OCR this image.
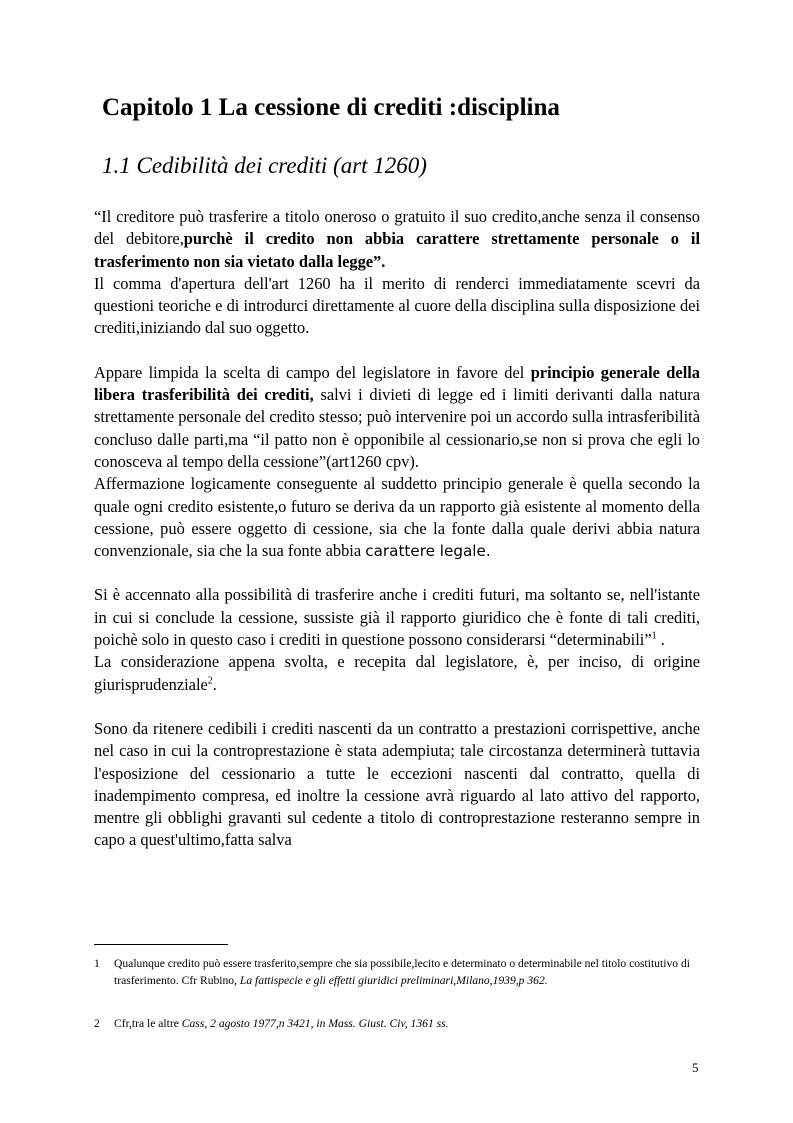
Capitolo 1 La cessione di crediti :disciplina
1.1 Cedibilità dei crediti (art 1260)

“Il creditore può trasferire a titolo oneroso o gratuito il suo credito,anche senza il consenso del debitore,purchè il credito non abbia carattere strettamente personale o il trasferimento non sia vietato dalla legge”.

Il comma d'apertura dell'art 1260 ha il merito di renderci immediatamente scevri da questioni teoriche e di introdurci direttamente al cuore della disciplina sulla disposizione dei crediti,iniziando dal suo oggetto.

Appare limpida la scelta di campo del legislatore in favore del principio generale della libera trasferibilità dei crediti, salvi i divieti di legge ed i limiti derivanti dalla natura strettamente personale del credito stesso; può intervenire poi un accordo sulla intrasferibilità concluso dalle parti,ma “il patto non è opponibile al cessionario,se non si prova che egli lo conosceva al tempo della cessione”(art1260 cpv).

Affermazione logicamente conseguente al suddetto principio generale è quella secondo la quale ogni credito esistente,o futuro se deriva da un rapporto già esistente al momento della cessione, può essere oggetto di cessione, sia che la fonte dalla quale derivi abbia natura convenzionale, sia che la sua fonte abbia carattere legale.

Si è accennato alla possibilità di trasferire anche i crediti futuri, ma soltanto se, nell'istante in cui si conclude la cessione, sussiste già il rapporto giuridico che è fonte di tali crediti, poichè solo in questo caso i crediti in questione possono considerarsi “determinabili”$^1$ .

La considerazione appena svolta, e recepita dal legislatore, è, per inciso, di origine giurisprudenziale$^2$.

Sono da ritenere cedibili i crediti nascenti da un contratto a prestazioni corrispettive, anche nel caso in cui la controprestazione è stata adempiuta; tale circostanza determinerà tuttavia l'esposizione del cessionario a tutte le eccezioni nascenti dal contratto, quella di inadempimento compresa, ed inoltre la cessione avrà riguardo al lato attivo del rapporto, mentre gli obblighi gravanti sul cedente a titolo di controprestazione resteranno sempre in capo a quest'ultimo,fatta salva

1 Qualunque credito può essere trasferito,sempre che sia possibile,lecito e determinato o determinabile nel titolo costitutivo di trasferimento. Cfr Rubino, La fattispecie e gli effetti giuridici preliminari,Milano,1939,p 362.
2 Cfr,tra le altre Cass, 2 agosto 1977,n 3421, in Mass. Giust. Civ, 1361 ss.
5
